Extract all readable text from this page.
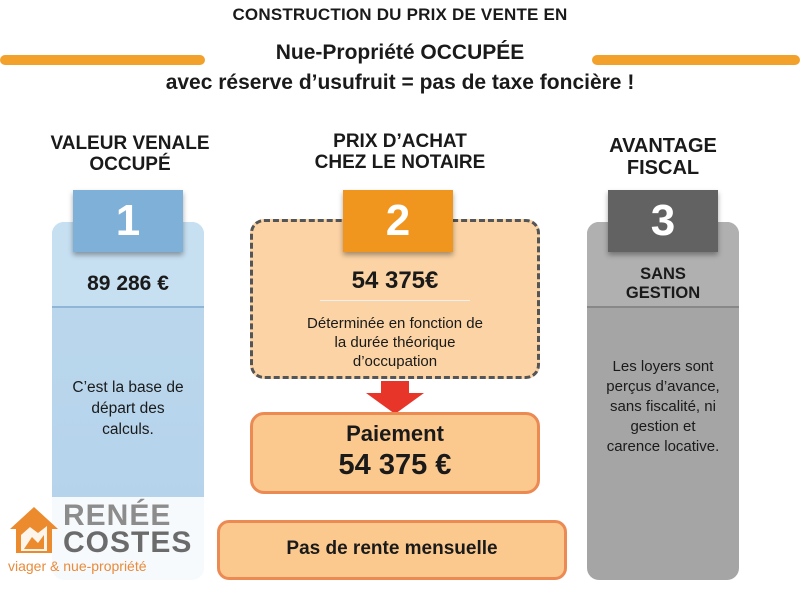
CONSTRUCTION DU PRIX DE VENTE EN
Nue-Propriété OCCUPÉE
avec réserve d’usufruit = pas de taxe foncière !
VALEUR VENALE
OCCUPÉ
PRIX D’ACHAT
CHEZ LE NOTAIRE
AVANTAGE
FISCAL
89 286 €
C’est la base de
départ des
calculs.
54 375€
Déterminée en fonction de
la durée théorique
d’occupation
Paiement
54 375 €
Pas de rente mensuelle
SANS
GESTION
Les loyers sont
perçus d’avance,
sans fiscalité, ni
gestion et
carence locative.
1	2	3
RENÉE
COSTES
viager & nue-propriété
